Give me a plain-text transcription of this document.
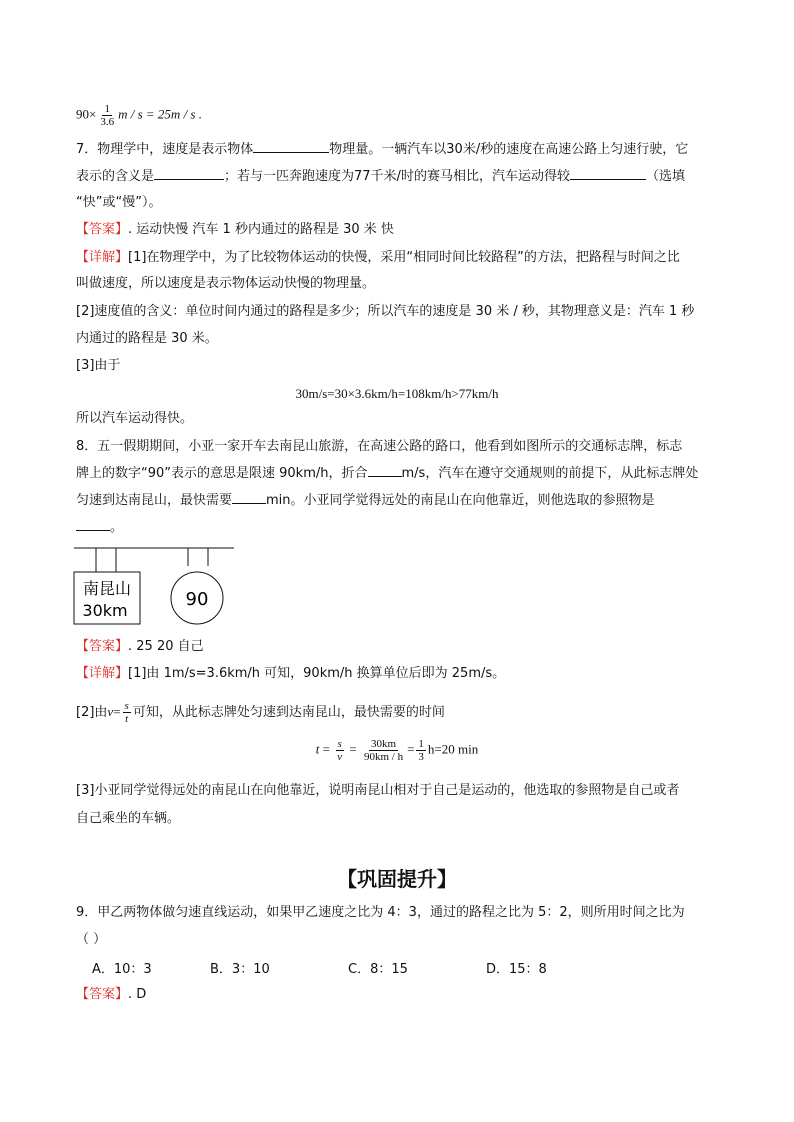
$90\times \frac{1}{3.6}$ m / s = 25m / s .
7．物理学中，速度是表示物体	物理量。一辆汽车以30米/秒的速度在高速公路上匀速行驶，它
表示的含义是	；若与一匹奔跑速度为77千米/时的赛马相比，汽车运动得较	（选填
“快”或“慢”）。
【答案】. 运动快慢 汽车 1 秒内通过的路程是 30 米 快
【详解】[1]在物理学中，为了比较物体运动的快慢，采用“相同时间比较路程”的方法，把路程与时间之比
叫做速度，所以速度是表示物体运动快慢的物理量。
[2]速度值的含义：单位时间内通过的路程是多少；所以汽车的速度是 30 米 / 秒，其物理意义是：汽车 1 秒
内通过的路程是 30 米。
[3]由于
30m/s=30×3.6km/h=108km/h>77km/h
所以汽车运动得快。
8．五一假期期间，小亚一家开车去南昆山旅游，在高速公路的路口，他看到如图所示的交通标志牌，标志
牌上的数字“90”表示的意思是限速 90km/h，折合	m/s，汽车在遵守交通规则的前提下，从此标志牌处
匀速到达南昆山，最快需要	min。小亚同学觉得远处的南昆山在向他靠近，则他选取的参照物是
。
南昆山
30km
90
【答案】. 25 20 自己
【详解】[1]由 1m/s=3.6km/h 可知，90km/h 换算单位后即为 25m/s。
[2]由$v= \frac{s}{t}$ 可知，从此标志牌处匀速到达南昆山，最快需要的时间
$t = \frac{s}{v} = \frac{30km}{90km / h} = \frac{1}{3} h=20$ min
[3]小亚同学觉得远处的南昆山在向他靠近，说明南昆山相对于自己是运动的，他选取的参照物是自己或者
自己乘坐的车辆。
【巩固提升】
9．甲乙两物体做匀速直线运动，如果甲乙速度之比为 4：3，通过的路程之比为 5：2，则所用时间之比为
（ ）
A．10：3	B．3：10	C．8：15	D．15：8
【答案】. D
